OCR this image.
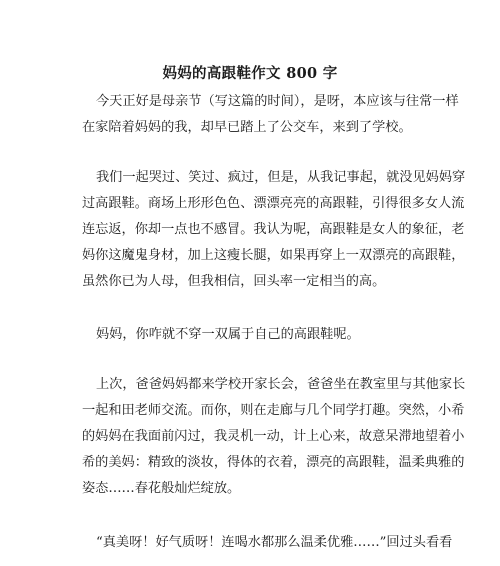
妈妈的高跟鞋作文 800 字

今天正好是母亲节（写这篇的时间），是呀，本应该与往常一样
在家陪着妈妈的我，却早已踏上了公交车，来到了学校。

我们一起哭过、笑过、疯过，但是，从我记事起，就没见妈妈穿
过高跟鞋。商场上形形色色、漂漂亮亮的高跟鞋，引得很多女人流
连忘返，你却一点也不感冒。我认为呢，高跟鞋是女人的象征，老
妈你这魔鬼身材，加上这瘦长腿，如果再穿上一双漂亮的高跟鞋，
虽然你已为人母，但我相信，回头率一定相当的高。

妈妈，你咋就不穿一双属于自己的高跟鞋呢。

上次，爸爸妈妈都来学校开家长会，爸爸坐在教室里与其他家长
一起和田老师交流。而你，则在走廊与几个同学打趣。突然，小希
的妈妈在我面前闪过，我灵机一动，计上心来，故意呆滞地望着小
希的美妈：精致的淡妆，得体的衣着，漂亮的高跟鞋，温柔典雅的
姿态……春花般灿烂绽放。

“真美呀！好气质呀！连喝水都那么温柔优雅……”回过头看看
